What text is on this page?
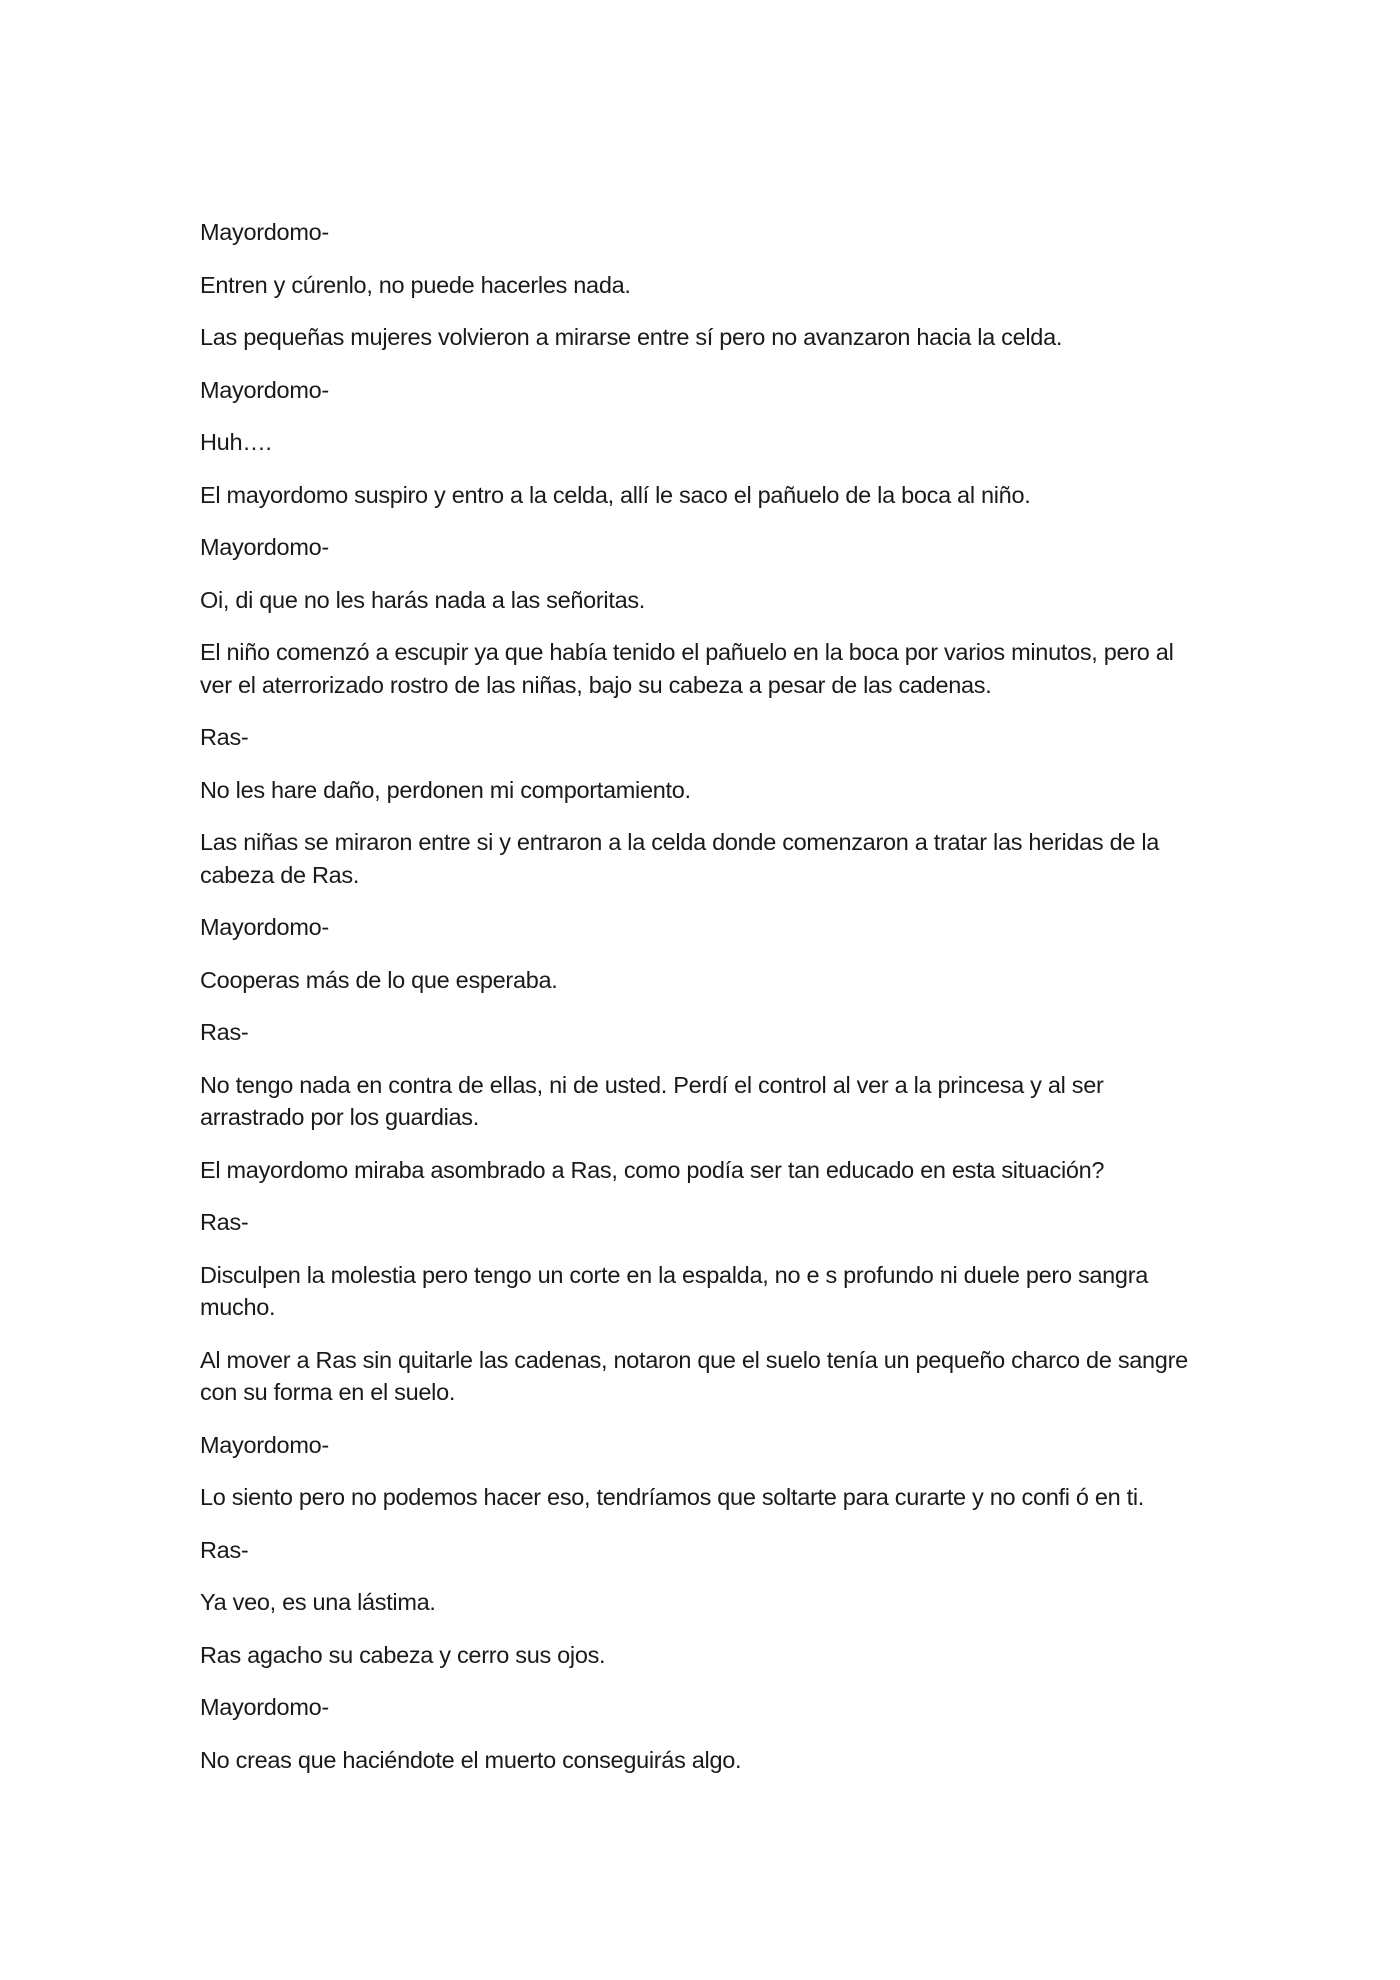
Mayordomo-

Entren y cúrenlo, no puede hacerles nada.

Las pequeñas mujeres volvieron a mirarse entre sí pero no avanzaron hacia la celda.

Mayordomo-

Huh….

El mayordomo suspiro y entro a la celda, allí le saco el pañuelo de la boca al niño.

Mayordomo-

Oi, di que no les harás nada a las señoritas.

El niño comenzó a escupir ya que había tenido el pañuelo en la boca por varios minutos, pero al ver el aterrorizado rostro de las niñas, bajo su cabeza a pesar de las cadenas.

Ras-

No les hare daño, perdonen mi comportamiento.

Las niñas se miraron entre si y entraron a la celda donde comenzaron a tratar las heridas de la cabeza de Ras.

Mayordomo-

Cooperas más de lo que esperaba.

Ras-

No tengo nada en contra de ellas, ni de usted. Perdí el control al ver a la princesa y al ser arrastrado por los guardias.

El mayordomo miraba asombrado a Ras, como podía ser tan educado en esta situación?

Ras-

Disculpen la molestia pero tengo un corte en la espalda, no e s profundo ni duele pero sangra mucho.

Al mover a Ras sin quitarle las cadenas, notaron que el suelo tenía un pequeño charco de sangre con su forma en el suelo.

Mayordomo-

Lo siento pero no podemos hacer eso, tendríamos que soltarte para curarte y no confi ó en ti.

Ras-

Ya veo, es una lástima.

Ras agacho su cabeza y cerro sus ojos.

Mayordomo-

No creas que haciéndote el muerto conseguirás algo.
